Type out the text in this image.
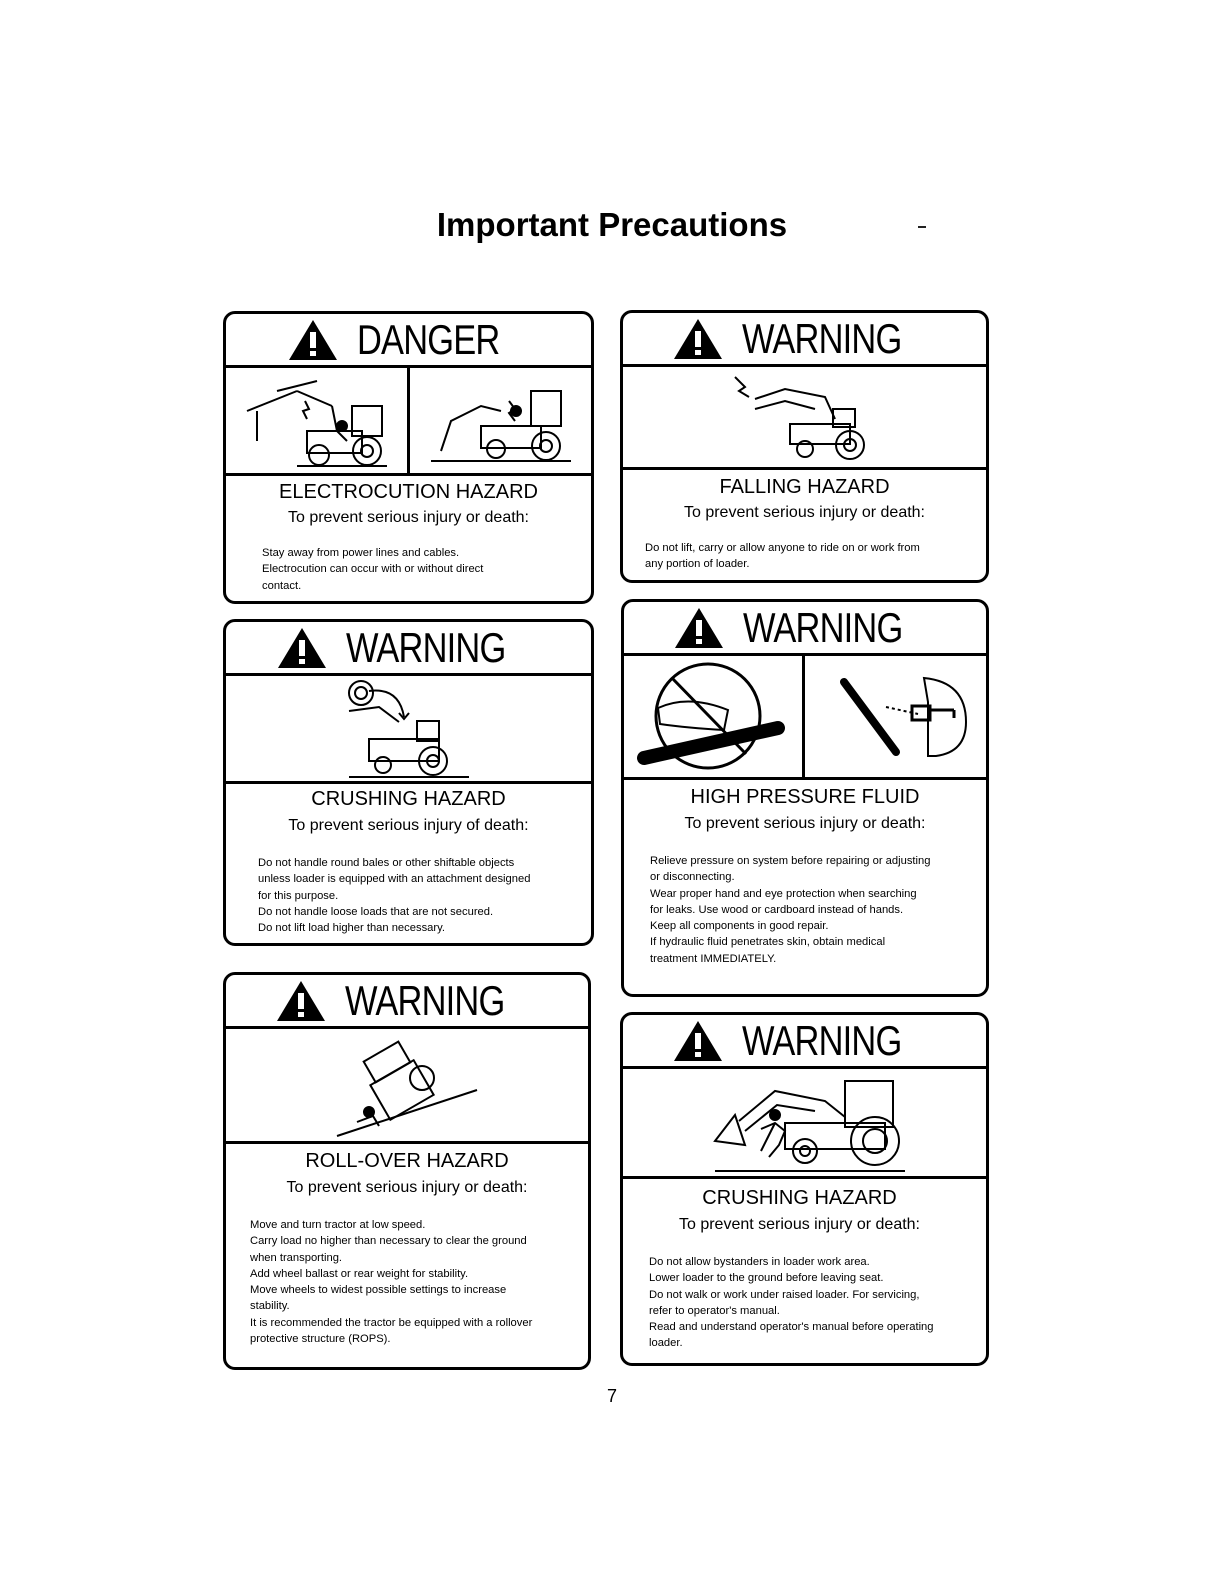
Important Precautions
DANGER
ELECTROCUTION HAZARD
To prevent serious injury or death:
Stay away from power lines and cables.
Electrocution can occur with or without direct
contact.
WARNING
FALLING HAZARD
To prevent serious injury or death:
Do not lift, carry or allow anyone to ride on or work from
any portion of loader.
WARNING
CRUSHING HAZARD
To prevent serious injury of death:
Do not handle round bales or other shiftable objects
unless loader is equipped with an attachment designed
for this purpose.
Do not handle loose loads that are not secured.
Do not lift load higher than necessary.
WARNING
HIGH PRESSURE FLUID
To prevent serious injury or death:
Relieve pressure on system before repairing or adjusting
or disconnecting.
Wear proper hand and eye protection when searching
for leaks. Use wood or cardboard instead of hands.
Keep all components in good repair.
If hydraulic fluid penetrates skin, obtain medical
treatment IMMEDIATELY.
WARNING
ROLL-OVER HAZARD
To prevent serious injury or death:
Move and turn tractor at low speed.
Carry load no higher than necessary to clear the ground
when transporting.
Add wheel ballast or rear weight for stability.
Move wheels to widest possible settings to increase
stability.
It is recommended the tractor be equipped with a rollover
protective structure (ROPS).
WARNING
CRUSHING HAZARD
To prevent serious injury or death:
Do not allow bystanders in loader work area.
Lower loader to the ground before leaving seat.
Do not walk or work under raised loader. For servicing,
refer to operator's manual.
Read and understand operator's manual before operating
loader.
7
